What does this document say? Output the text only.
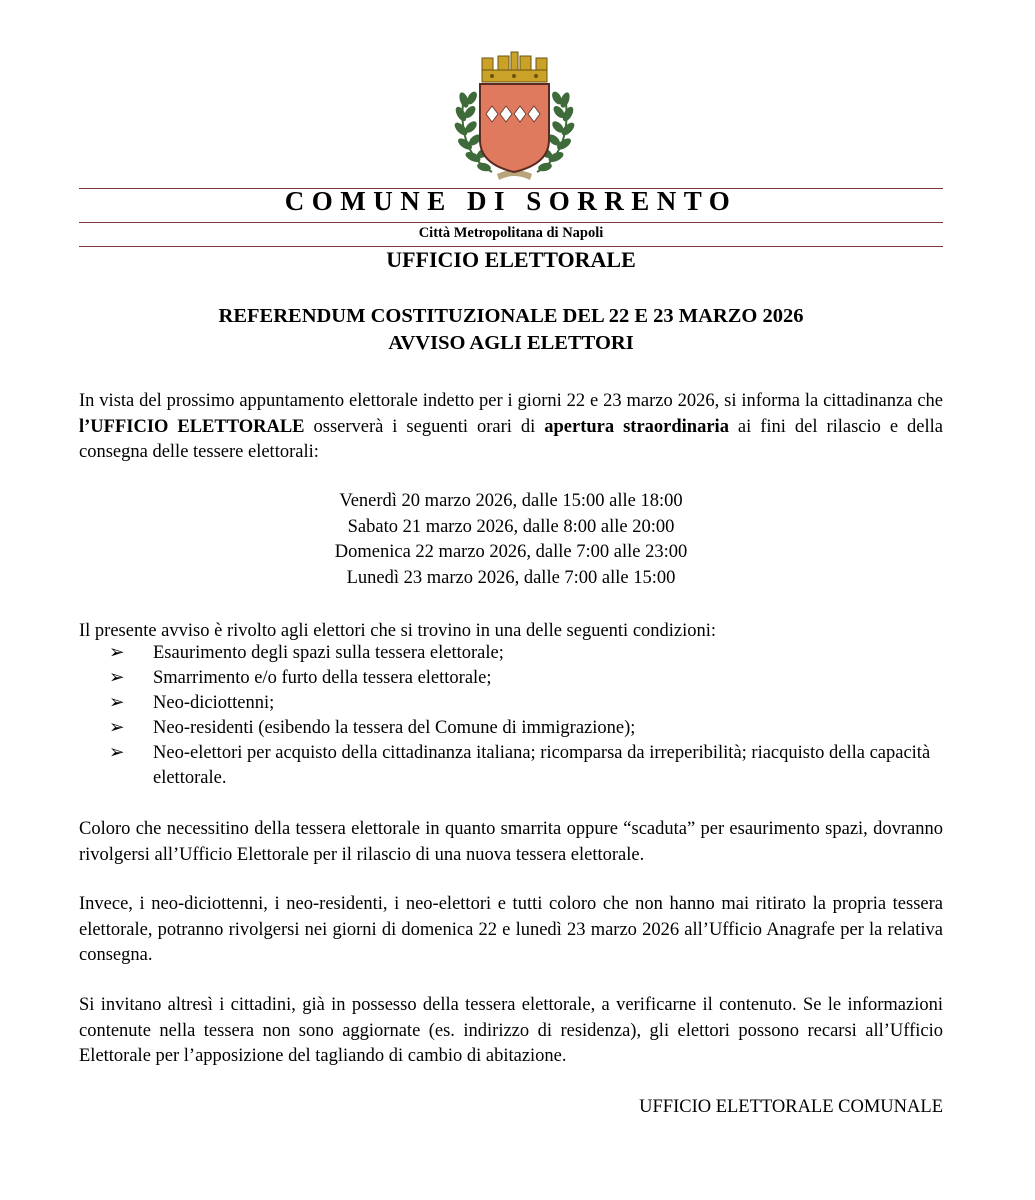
COMUNE DI SORRENTO
Città Metropolitana di Napoli
UFFICIO ELETTORALE
REFERENDUM COSTITUZIONALE DEL 22 E 23 MARZO 2026
AVVISO AGLI ELETTORI
In vista del prossimo appuntamento elettorale indetto per i giorni 22 e 23 marzo 2026, si informa la cittadinanza che l’UFFICIO ELETTORALE osserverà i seguenti orari di apertura straordinaria ai fini del rilascio e della consegna delle tessere elettorali:
Venerdì 20 marzo 2026, dalle 15:00 alle 18:00
Sabato 21 marzo 2026, dalle 8:00 alle 20:00
Domenica 22 marzo 2026, dalle 7:00 alle 23:00
Lunedì 23 marzo 2026, dalle 7:00 alle 15:00
Il presente avviso è rivolto agli elettori che si trovino in una delle seguenti condizioni:
➢ Esaurimento degli spazi sulla tessera elettorale;
➢ Smarrimento e/o furto della tessera elettorale;
➢ Neo-diciottenni;
➢ Neo-residenti (esibendo la tessera del Comune di immigrazione);
➢ Neo-elettori per acquisto della cittadinanza italiana; ricomparsa da irreperibilità; riacquisto della capacità elettorale.
Coloro che necessitino della tessera elettorale in quanto smarrita oppure “scaduta” per esaurimento spazi, dovranno rivolgersi all’Ufficio Elettorale per il rilascio di una nuova tessera elettorale.
Invece, i neo-diciottenni, i neo-residenti, i neo-elettori e tutti coloro che non hanno mai ritirato la propria tessera elettorale, potranno rivolgersi nei giorni di domenica 22 e lunedì 23 marzo 2026 all’Ufficio Anagrafe per la relativa consegna.
Si invitano altresì i cittadini, già in possesso della tessera elettorale, a verificarne il contenuto. Se le informazioni contenute nella tessera non sono aggiornate (es. indirizzo di residenza), gli elettori possono recarsi all’Ufficio Elettorale per l’apposizione del tagliando di cambio di abitazione.
UFFICIO ELETTORALE COMUNALE
